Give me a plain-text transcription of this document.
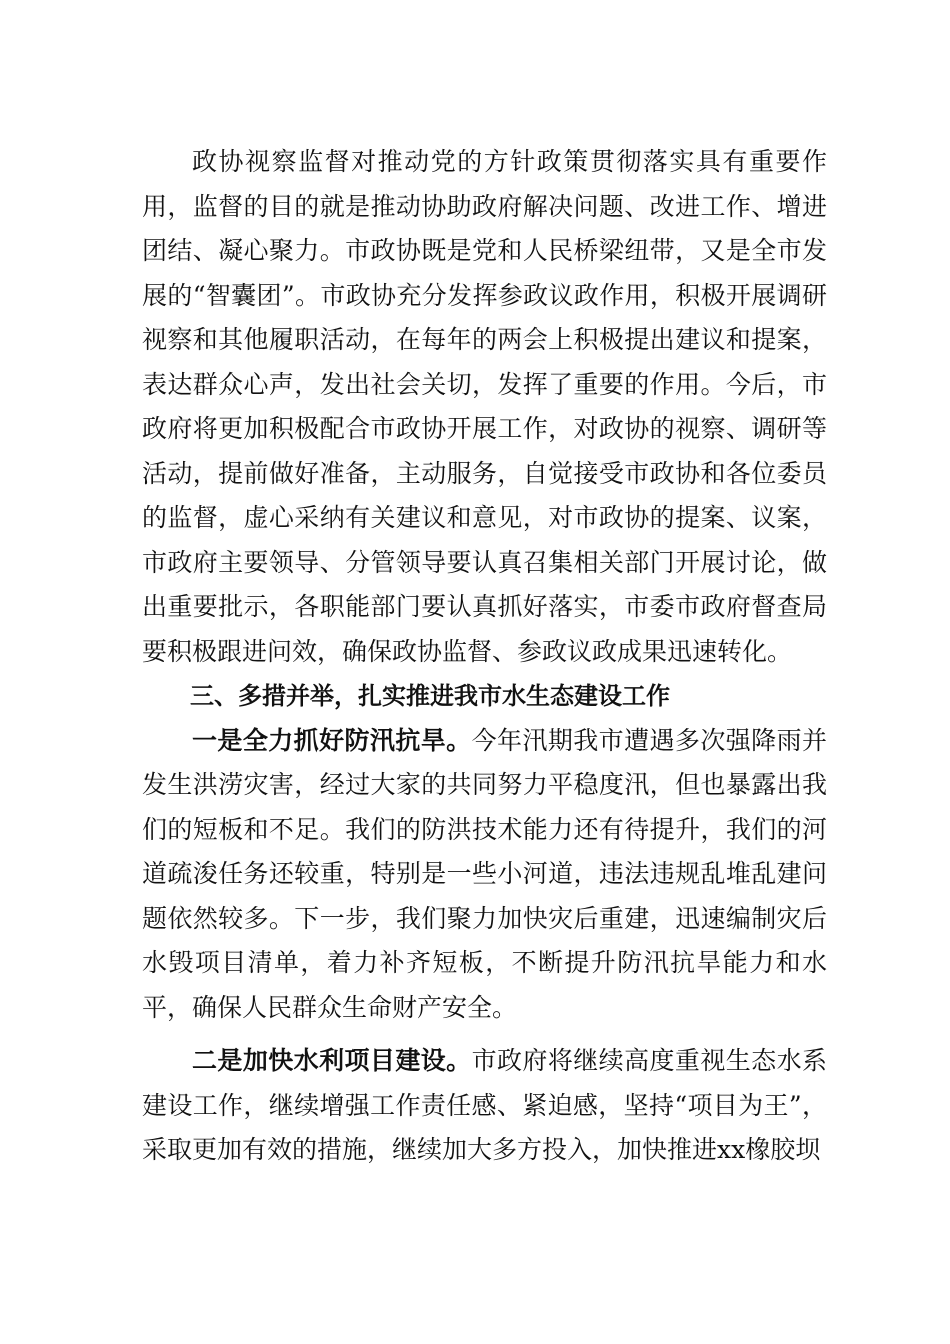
政协视察监督对推动党的方针政策贯彻落实具有重要作用，监督的目的就是推动协助政府解决问题、改进工作、增进团结、凝心聚力。市政协既是党和人民桥梁纽带，又是全市发展的“智囊团”。市政协充分发挥参政议政作用，积极开展调研视察和其他履职活动，在每年的两会上积极提出建议和提案，表达群众心声，发出社会关切，发挥了重要的作用。今后，市政府将更加积极配合市政协开展工作，对政协的视察、调研等活动，提前做好准备，主动服务，自觉接受市政协和各位委员的监督，虚心采纳有关建议和意见，对市政协的提案、议案，市政府主要领导、分管领导要认真召集相关部门开展讨论，做出重要批示，各职能部门要认真抓好落实，市委市政府督查局要积极跟进问效，确保政协监督、参政议政成果迅速转化。

三、多措并举，扎实推进我市水生态建设工作

一是全力抓好防汛抗旱。今年汛期我市遭遇多次强降雨并发生洪涝灾害，经过大家的共同努力平稳度汛，但也暴露出我们的短板和不足。我们的防洪技术能力还有待提升，我们的河道疏浚任务还较重，特别是一些小河道，违法违规乱堆乱建问题依然较多。下一步，我们聚力加快灾后重建，迅速编制灾后水毁项目清单，着力补齐短板，不断提升防汛抗旱能力和水平，确保人民群众生命财产安全。

二是加快水利项目建设。市政府将继续高度重视生态水系建设工作，继续增强工作责任感、紧迫感，坚持“项目为王”，采取更加有效的措施，继续加大多方投入，加快推进xx橡胶坝
